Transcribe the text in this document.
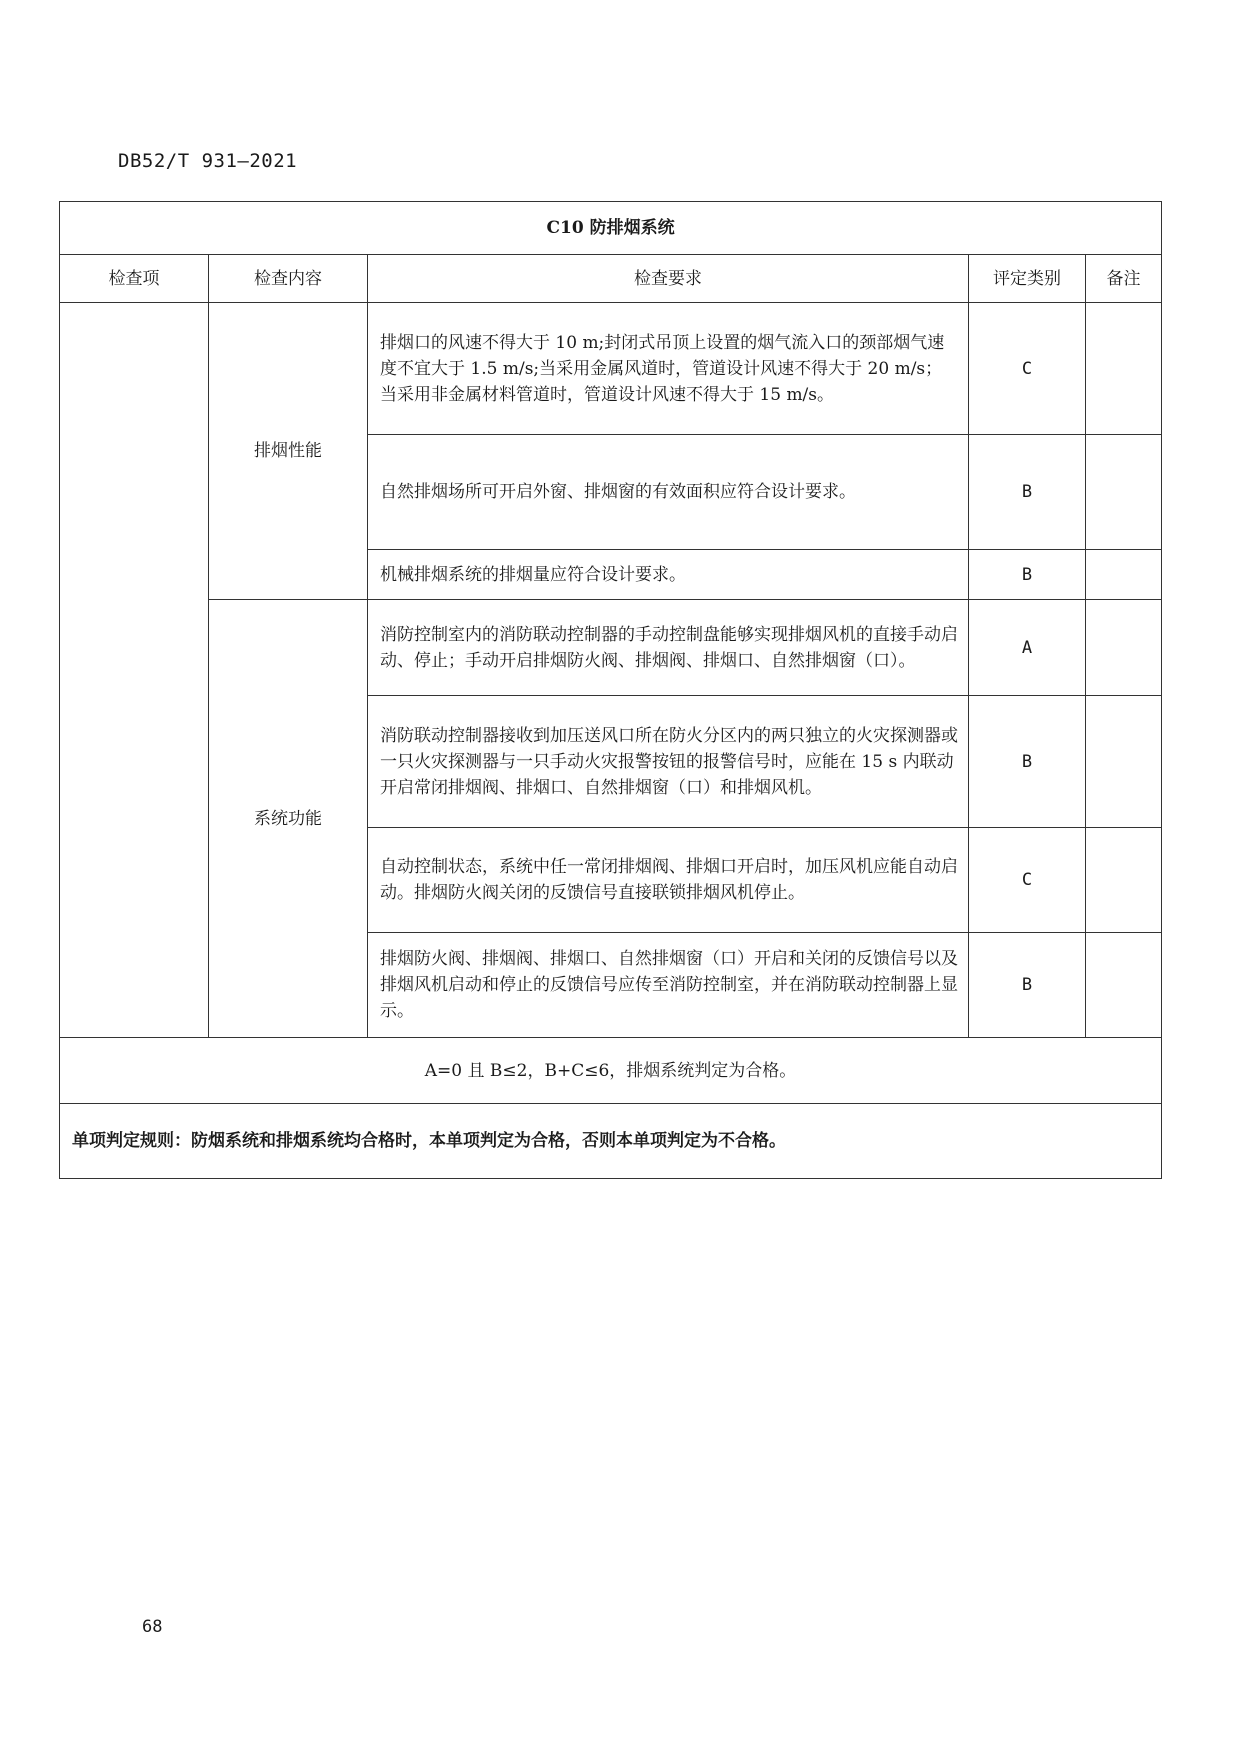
DB52/T 931—2021
C10 防排烟系统				
检查项	检查内容	检查要求	评定类别	备注
	排烟性能	排烟口的风速不得大于 10 m;封闭式吊顶上设置的烟气流入口的颈部烟气速度不宜大于 1.5 m/s;当采用金属风道时，管道设计风速不得大于 20 m/s；当采用非金属材料管道时，管道设计风速不得大于 15 m/s。	C	
		自然排烟场所可开启外窗、排烟窗的有效面积应符合设计要求。	B	
		机械排烟系统的排烟量应符合设计要求。	B	
	系统功能	消防控制室内的消防联动控制器的手动控制盘能够实现排烟风机的直接手动启动、停止；手动开启排烟防火阀、排烟阀、排烟口、自然排烟窗（口）。	A	
		消防联动控制器接收到加压送风口所在防火分区内的两只独立的火灾探测器或一只火灾探测器与一只手动火灾报警按钮的报警信号时，应能在 15 s 内联动开启常闭排烟阀、排烟口、自然排烟窗（口）和排烟风机。	B	
		自动控制状态，系统中任一常闭排烟阀、排烟口开启时，加压风机应能自动启动。排烟防火阀关闭的反馈信号直接联锁排烟风机停止。	C	
		排烟防火阀、排烟阀、排烟口、自然排烟窗（口）开启和关闭的反馈信号以及排烟风机启动和停止的反馈信号应传至消防控制室，并在消防联动控制器上显示。	B	
A=0 且 B≤2，B+C≤6，排烟系统判定为合格。				
单项判定规则：防烟系统和排烟系统均合格时，本单项判定为合格，否则本单项判定为不合格。				
68
